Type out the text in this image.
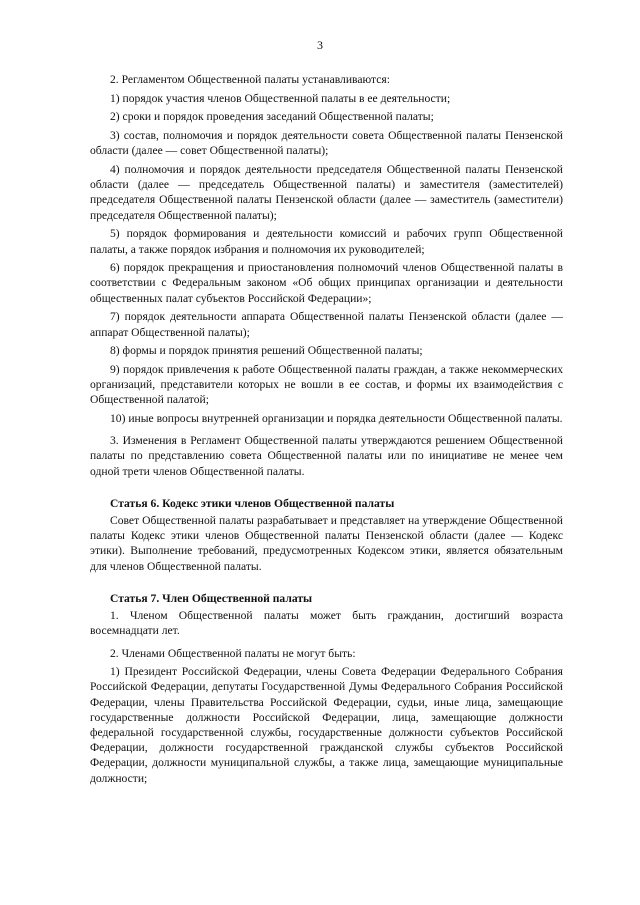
3

2. Регламентом Общественной палаты устанавливаются:

1) порядок участия членов Общественной палаты в ее деятельности;

2) сроки и порядок проведения заседаний Общественной палаты;

3) состав, полномочия и порядок деятельности совета Общественной палаты Пензенской области (далее — совет Общественной палаты);

4) полномочия и порядок деятельности председателя Общественной палаты Пензенской области (далее — председатель Общественной палаты) и заместителя (заместителей) председателя Общественной палаты Пензенской области (далее — заместитель (заместители) председателя Общественной палаты);

5) порядок формирования и деятельности комиссий и рабочих групп Общественной палаты, а также порядок избрания и полномочия их руководителей;

6) порядок прекращения и приостановления полномочий членов Общественной палаты в соответствии с Федеральным законом «Об общих принципах организации и деятельности общественных палат субъектов Российской Федерации»;

7) порядок деятельности аппарата Общественной палаты Пензенской области (далее — аппарат Общественной палаты);

8) формы и порядок принятия решений Общественной палаты;

9) порядок привлечения к работе Общественной палаты граждан, а также некоммерческих организаций, представители которых не вошли в ее состав, и формы их взаимодействия с Общественной палатой;

10) иные вопросы внутренней организации и порядка деятельности Общественной палаты.

3. Изменения в Регламент Общественной палаты утверждаются решением Общественной палаты по представлению совета Общественной палаты или по инициативе не менее чем одной трети членов Общественной палаты.

Статья 6. Кодекс этики членов Общественной палаты

Совет Общественной палаты разрабатывает и представляет на утверждение Общественной палаты Кодекс этики членов Общественной палаты Пензенской области (далее — Кодекс этики). Выполнение требований, предусмотренных Кодексом этики, является обязательным для членов Общественной палаты.

Статья 7. Член Общественной палаты

1. Членом Общественной палаты может быть гражданин, достигший возраста восемнадцати лет.

2. Членами Общественной палаты не могут быть:

1) Президент Российской Федерации, члены Совета Федерации Федерального Собрания Российской Федерации, депутаты Государственной Думы Федерального Собрания Российской Федерации, члены Правительства Российской Федерации, судьи, иные лица, замещающие государственные должности Российской Федерации, лица, замещающие должности федеральной государственной службы, государственные должности субъектов Российской Федерации, должности государственной гражданской службы субъектов Российской Федерации, должности муниципальной службы, а также лица, замещающие муниципальные должности;
